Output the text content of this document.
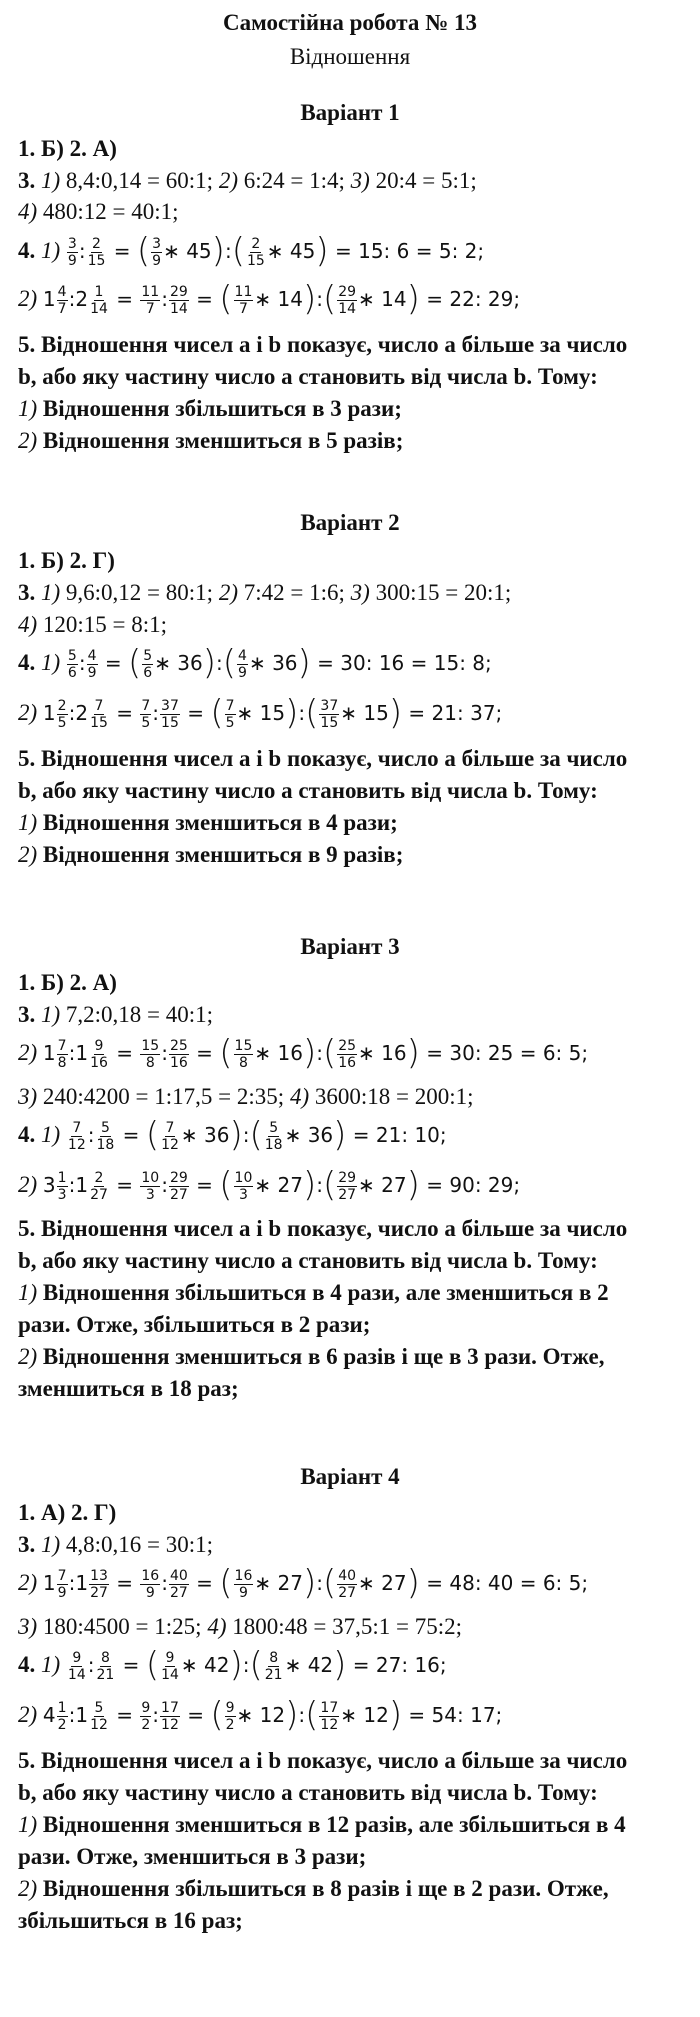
Самостійна робота № 13
Відношення
Варіант 1
1. Б) 2. А)
3. 1) 8,4:0,14 = 60:1; 2) 6:24 = 1:4; 3) 20:4 = 5:1;
4) 480:12 = 40:1;
4. $1) \frac{3}{9}$ : $\frac{2}{15}$ = ( $\frac{3}{9}$ ∗ 45):( $\frac{2}{15}$ ∗ 45) = 15: 6 = 5: 2;
2) $1 \frac{4}{7}$ :2 $\frac{1}{14} = \frac{11}{7}$ : $\frac{29}{14}$ = ( $\frac{11}{7}$ ∗ 14):( $\frac{29}{14}$ ∗ 14) = 22: 29;
5. Відношення чисел a і b показує, число a більше за число
b, або яку частину число a становить від числа b. Тому:
1) Відношення збільшиться в 3 рази;
2) Відношення зменшиться в 5 разів;
Варіант 2
1. Б) 2. Г)
3. 1) 9,6:0,12 = 80:1; 2) 7:42 = 1:6; 3) 300:15 = 20:1;
4) 120:15 = 8:1;
4. $1) \frac{5}{6}$ : $\frac{4}{9}$ = ( $\frac{5}{6}$ ∗ 36):( $\frac{4}{9}$ ∗ 36) = 30: 16 = 15: 8;
2) $1 \frac{2}{5}$ :2 $\frac{7}{15} = \frac{7}{5}$ : $\frac{37}{15}$ = ( $\frac{7}{5}$ ∗ 15):( $\frac{37}{15}$ ∗ 15) = 21: 37;
5. Відношення чисел a і b показує, число a більше за число
b, або яку частину число a становить від числа b. Тому:
1) Відношення зменшиться в 4 рази;
2) Відношення зменшиться в 9 разів;
Варіант 3
1. Б) 2. А)
3. 1) 7,2:0,18 = 40:1;
2) $1 \frac{7}{8}$ :1 $\frac{9}{16} = \frac{15}{8}$ : $\frac{25}{16}$ = ( $\frac{15}{8}$ ∗ 16):( $\frac{25}{16}$ ∗ 16) = 30: 25 = 6: 5;
3) 240:4200 = 1:17,5 = 2:35; 4) 3600:18 = 200:1;
4. $1) \frac{7}{12}$ : $\frac{5}{18}$ = ( $\frac{7}{12}$ ∗ 36):( $\frac{5}{18}$ ∗ 36) = 21: 10;
2) $3 \frac{1}{3}$ :1 $\frac{2}{27} = \frac{10}{3}$ : $\frac{29}{27}$ = ( $\frac{10}{3}$ ∗ 27):( $\frac{29}{27}$ ∗ 27) = 90: 29;
5. Відношення чисел a і b показує, число a більше за число
b, або яку частину число a становить від числа b. Тому:
1) Відношення збільшиться в 4 рази, але зменшиться в 2
рази. Отже, збільшиться в 2 рази;
2) Відношення зменшиться в 6 разів і ще в 3 рази. Отже,
зменшиться в 18 раз;
Варіант 4
1. А) 2. Г)
3. 1) 4,8:0,16 = 30:1;
2) $1 \frac{7}{9}$ :1 $\frac{13}{27} = \frac{16}{9}$ : $\frac{40}{27}$ = ( $\frac{16}{9}$ ∗ 27):( $\frac{40}{27}$ ∗ 27) = 48: 40 = 6: 5;
3) 180:4500 = 1:25; 4) 1800:48 = 37,5:1 = 75:2;
4. $1) \frac{9}{14}$ : $\frac{8}{21}$ = ( $\frac{9}{14}$ ∗ 42):( $\frac{8}{21}$ ∗ 42) = 27: 16;
2) $4 \frac{1}{2}$ :1 $\frac{5}{12} = \frac{9}{2}$ : $\frac{17}{12}$ = ( $\frac{9}{2}$ ∗ 12):( $\frac{17}{12}$ ∗ 12) = 54: 17;
5. Відношення чисел a і b показує, число a більше за число
b, або яку частину число a становить від числа b. Тому:
1) Відношення зменшиться в 12 разів, але збільшиться в 4
рази. Отже, зменшиться в 3 рази;
2) Відношення збільшиться в 8 разів і ще в 2 рази. Отже,
збільшиться в 16 раз;
